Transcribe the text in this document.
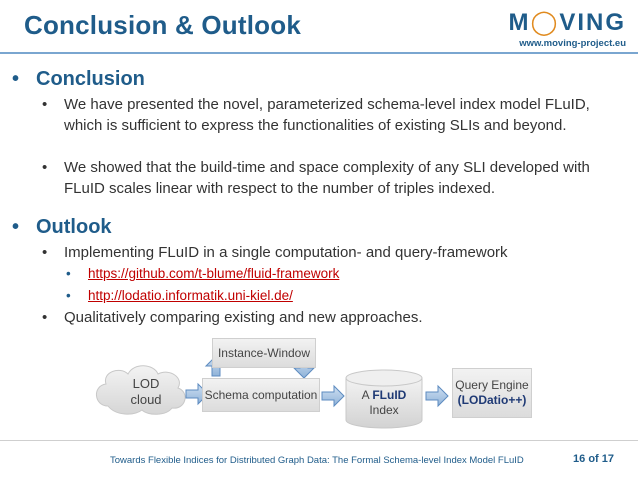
Conclusion & Outlook	M◯VING
www.moving-project.eu
• Conclusion
• We have presented the novel, parameterized schema-level index model FLuID, which is sufficient to express the functionalities of existing SLIs and beyond.
• We showed that the build-time and space complexity of any SLI developed with FLuID scales linear with respect to the number of triples indexed.
• Outlook
• Implementing FLuID in a single computation- and query-framework
• https://github.com/t-blume/fluid-framework
• http://lodatio.informatik.uni-kiel.de/
• Qualitatively comparing existing and new approaches.
LOD cloud
Instance-Window
Schema computation	A FLuID
Index
Query Engine
(LODatio++)
Towards Flexible Indices for Distributed Graph Data: The Formal Schema-level Index Model FLuID	16 of 17
